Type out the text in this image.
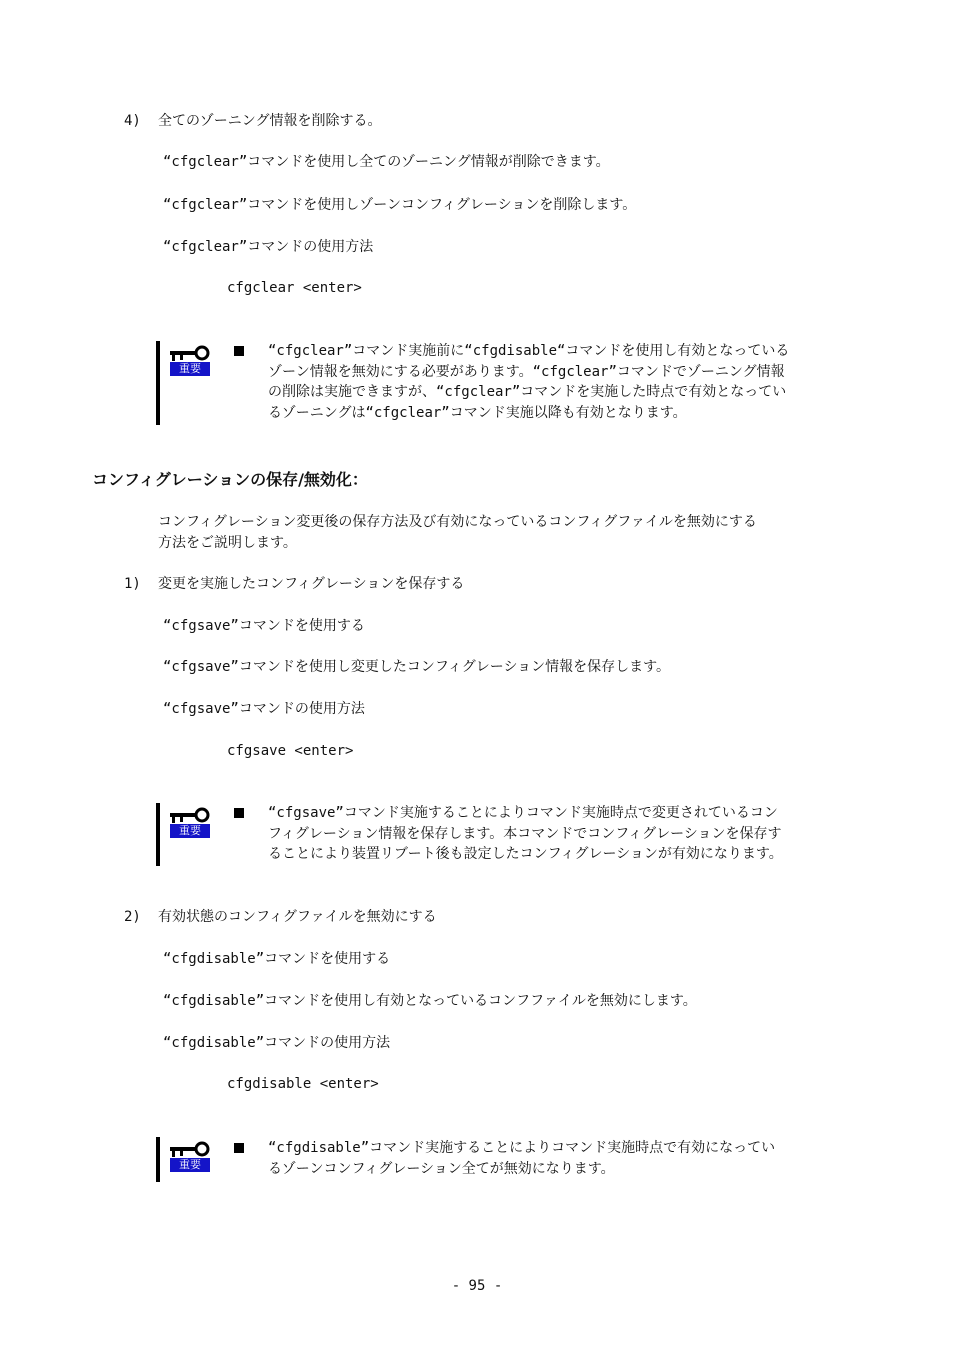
4) 全てのゾーニング情報を削除する。
“cfgclear”コマンドを使用し全てのゾーニング情報が削除できます。
“cfgclear”コマンドを使用しゾーンコンフィグレーションを削除します。
“cfgclear”コマンドの使用方法
cfgclear <enter>
重要
“cfgclear”コマンド実施前に“cfgdisable“コマンドを使用し有効となっている
ゾーン情報を無効にする必要があります。“cfgclear”コマンドでゾーニング情報
の削除は実施できますが、“cfgclear”コマンドを実施した時点で有効となってい
るゾーニングは“cfgclear”コマンド実施以降も有効となります。
コンフィグレーションの保存/無効化：
コンフィグレーション変更後の保存方法及び有効になっているコンフィグファイルを無効にする
方法をご説明します。
1) 変更を実施したコンフィグレーションを保存する
“cfgsave”コマンドを使用する
“cfgsave”コマンドを使用し変更したコンフィグレーション情報を保存します。
“cfgsave”コマンドの使用方法
cfgsave <enter>
重要
“cfgsave”コマンド実施することによりコマンド実施時点で変更されているコン
フィグレーション情報を保存します。本コマンドでコンフィグレーションを保存す
ることにより装置リブート後も設定したコンフィグレーションが有効になります。
2) 有効状態のコンフィグファイルを無効にする
“cfgdisable”コマンドを使用する
“cfgdisable”コマンドを使用し有効となっているコンフファイルを無効にします。
“cfgdisable”コマンドの使用方法
cfgdisable <enter>
重要
“cfgdisable”コマンド実施することによりコマンド実施時点で有効になってい
るゾーンコンフィグレーション全てが無効になります。
- 95 -
